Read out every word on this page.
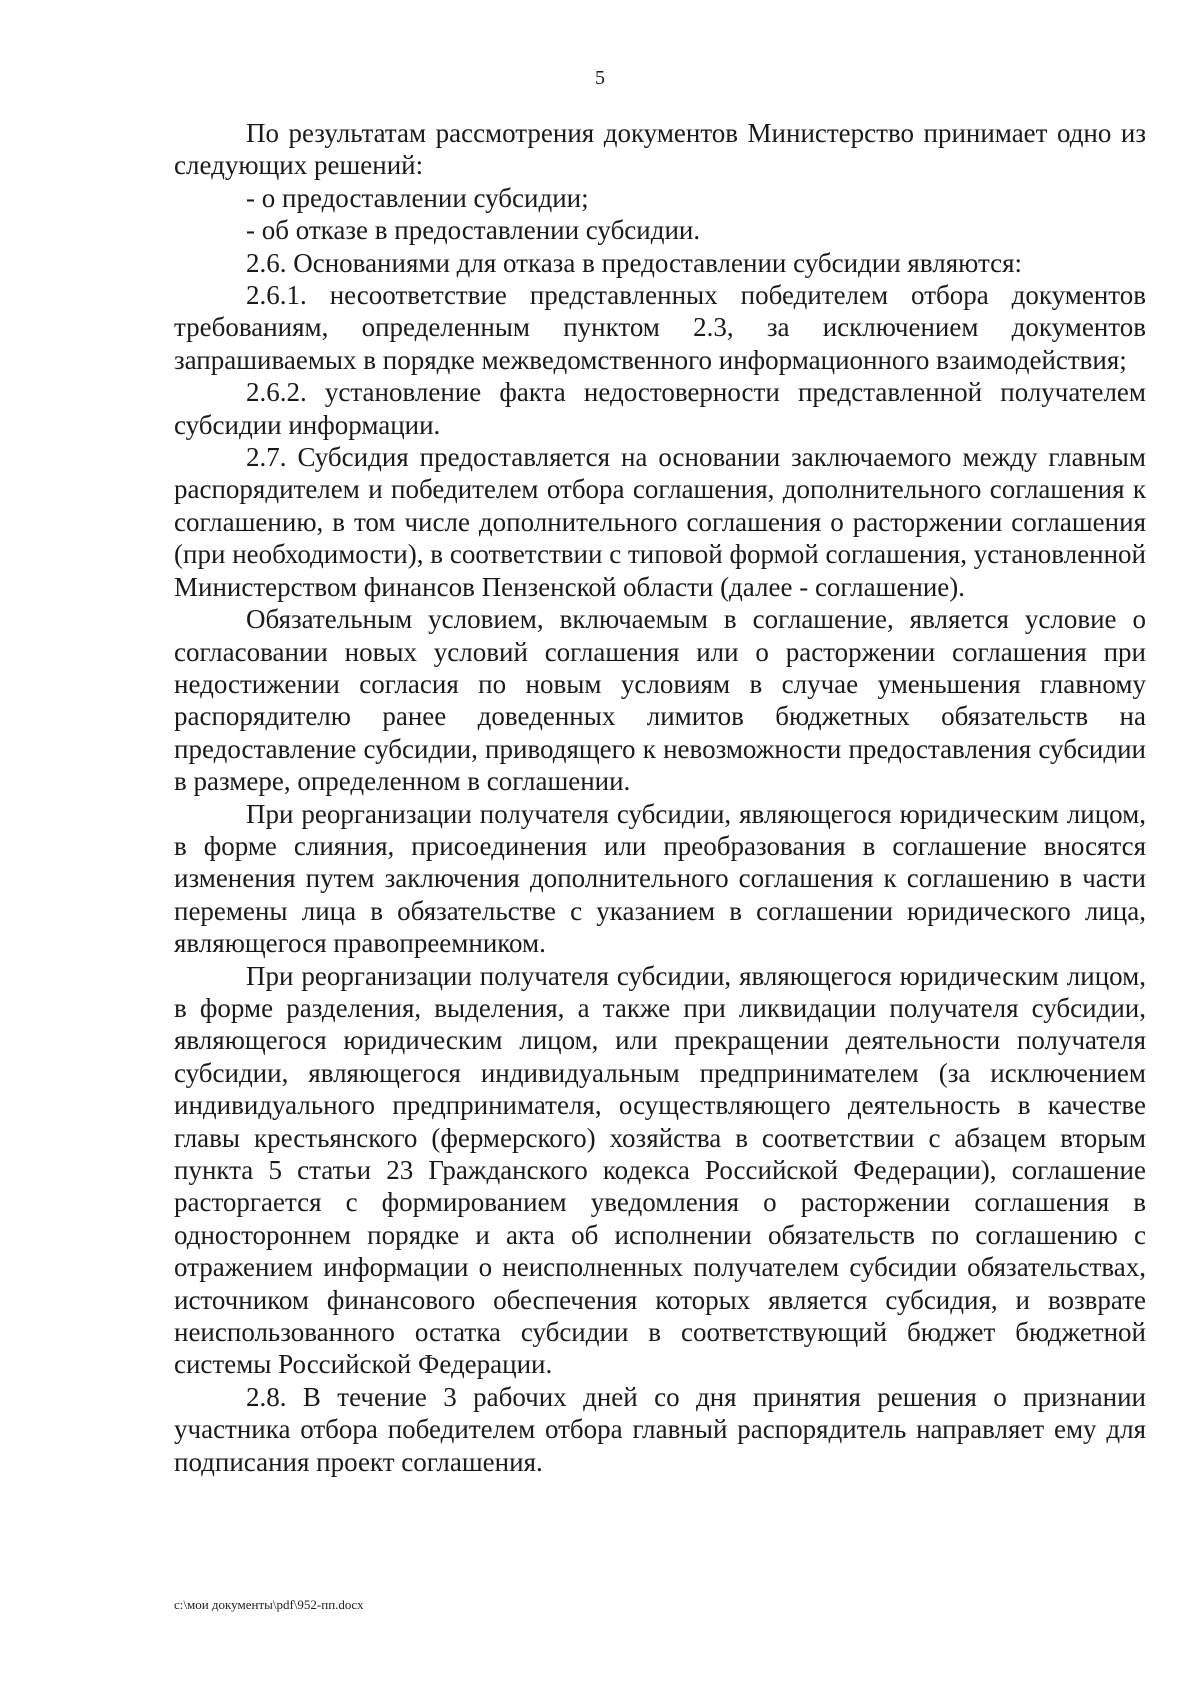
5

По результатам рассмотрения документов Министерство принимает одно из следующих решений:

- о предоставлении субсидии;

- об отказе в предоставлении субсидии.

2.6. Основаниями для отказа в предоставлении субсидии являются:

2.6.1. несоответствие представленных победителем отбора документов требованиям, определенным пунктом 2.3, за исключением документов запрашиваемых в порядке межведомственного информационного взаимодействия;

2.6.2. установление факта недостоверности представленной получателем субсидии информации.

2.7. Субсидия предоставляется на основании заключаемого между главным распорядителем и победителем отбора соглашения, дополнительного соглашения к соглашению, в том числе дополнительного соглашения о расторжении соглашения (при необходимости), в соответствии с типовой формой соглашения, установленной Министерством финансов Пензенской области (далее - соглашение).

Обязательным условием, включаемым в соглашение, является условие о согласовании новых условий соглашения или о расторжении соглашения при недостижении согласия по новым условиям в случае уменьшения главному распорядителю ранее доведенных лимитов бюджетных обязательств на предоставление субсидии, приводящего к невозможности предоставления субсидии в размере, определенном в соглашении.

При реорганизации получателя субсидии, являющегося юридическим лицом, в форме слияния, присоединения или преобразования в соглашение вносятся изменения путем заключения дополнительного соглашения к соглашению в части перемены лица в обязательстве с указанием в соглашении юридического лица, являющегося правопреемником.

При реорганизации получателя субсидии, являющегося юридическим лицом, в форме разделения, выделения, а также при ликвидации получателя субсидии, являющегося юридическим лицом, или прекращении деятельности получателя субсидии, являющегося индивидуальным предпринимателем (за исключением индивидуального предпринимателя, осуществляющего деятельность в качестве главы крестьянского (фермерского) хозяйства в соответствии с абзацем вторым пункта 5 статьи 23 Гражданского кодекса Российской Федерации), соглашение расторгается с формированием уведомления о расторжении соглашения в одностороннем порядке и акта об исполнении обязательств по соглашению с отражением информации о неисполненных получателем субсидии обязательствах, источником финансового обеспечения которых является субсидия, и возврате неиспользованного остатка субсидии в соответствующий бюджет бюджетной системы Российской Федерации.

2.8. В течение 3 рабочих дней со дня принятия решения о признании участника отбора победителем отбора главный распорядитель направляет ему для подписания проект соглашения.

c:\мои документы\pdf\952-пп.docx
